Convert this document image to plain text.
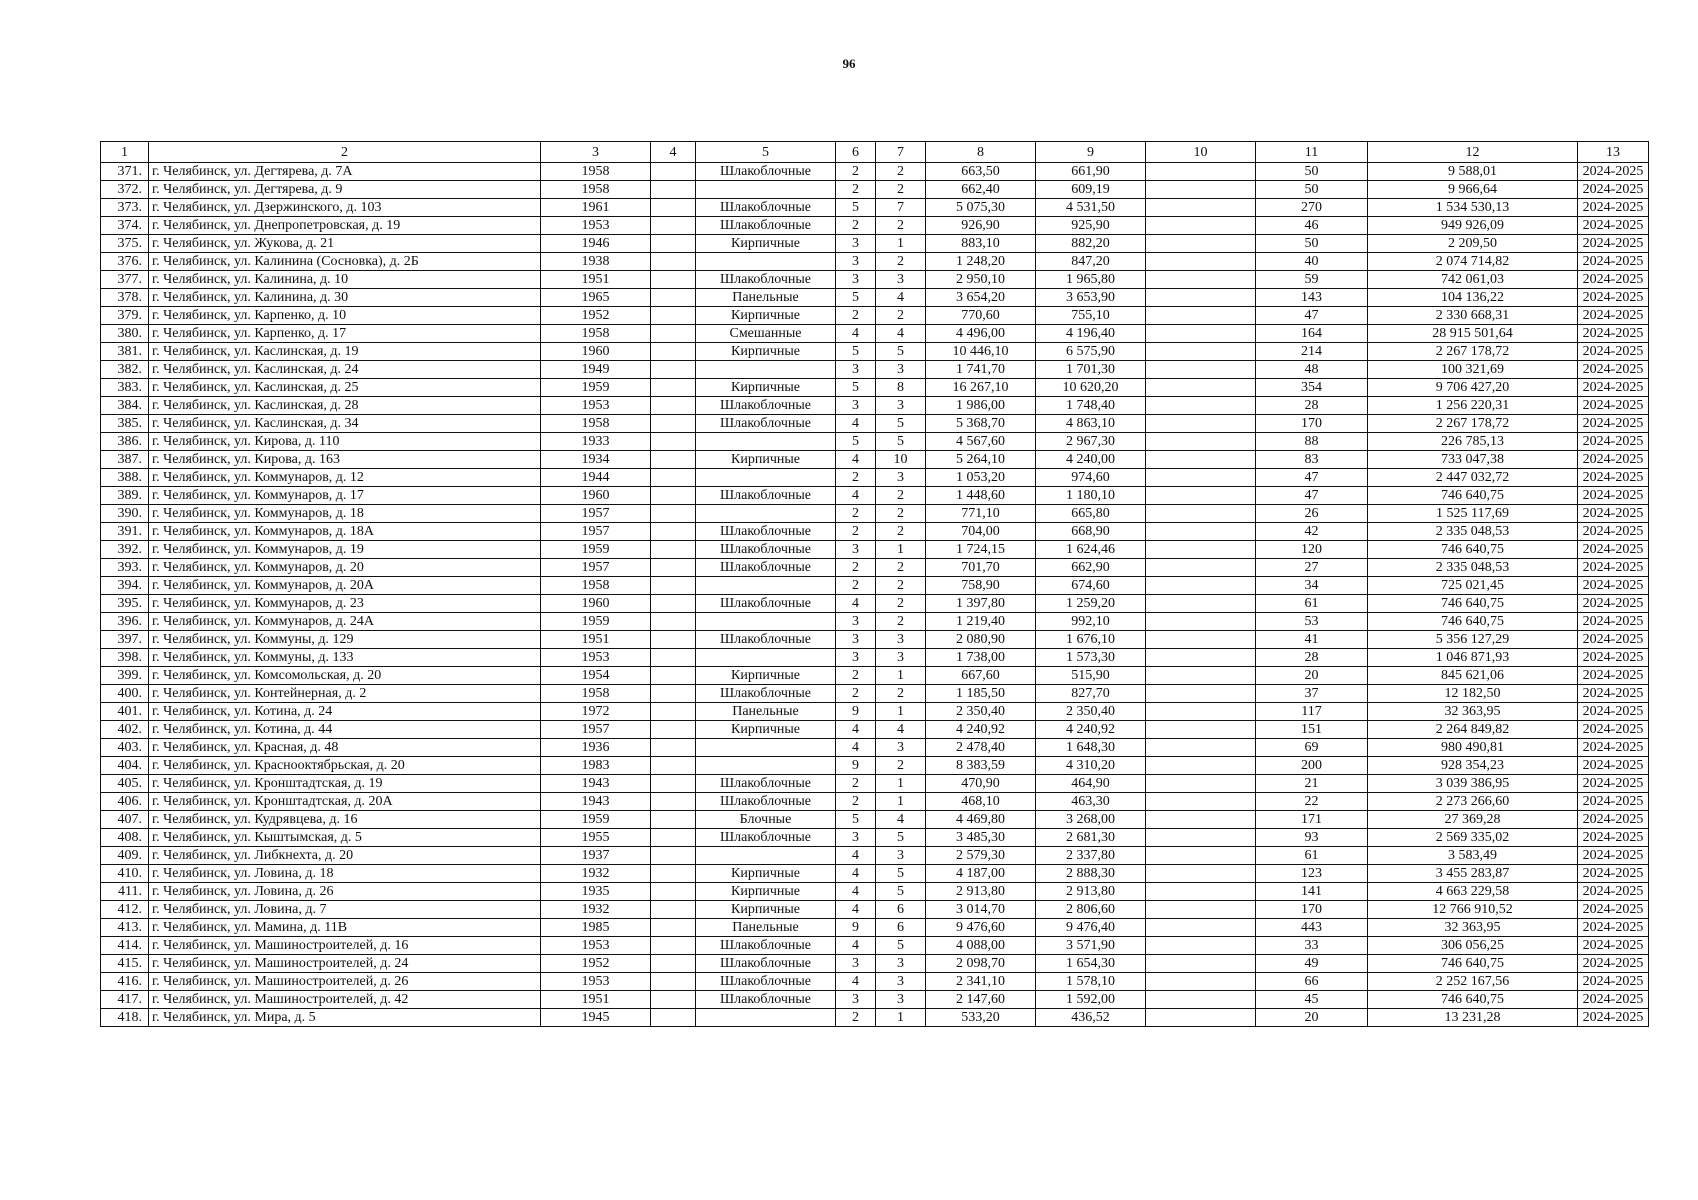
96
1	2	3	4	5	6	7	8	9	10	11	12	13
371.	г. Челябинск, ул. Дегтярева, д. 7А	1958		Шлакоблочные	2	2	663,50	661,90		50	9 588,01	2024-2025
372.	г. Челябинск, ул. Дегтярева, д. 9	1958			2	2	662,40	609,19		50	9 966,64	2024-2025
373.	г. Челябинск, ул. Дзержинского, д. 103	1961		Шлакоблочные	5	7	5 075,30	4 531,50		270	1 534 530,13	2024-2025
374.	г. Челябинск, ул. Днепропетровская, д. 19	1953		Шлакоблочные	2	2	926,90	925,90		46	949 926,09	2024-2025
375.	г. Челябинск, ул. Жукова, д. 21	1946		Кирпичные	3	1	883,10	882,20		50	2 209,50	2024-2025
376.	г. Челябинск, ул. Калинина (Сосновка), д. 2Б	1938			3	2	1 248,20	847,20		40	2 074 714,82	2024-2025
377.	г. Челябинск, ул. Калинина, д. 10	1951		Шлакоблочные	3	3	2 950,10	1 965,80		59	742 061,03	2024-2025
378.	г. Челябинск, ул. Калинина, д. 30	1965		Панельные	5	4	3 654,20	3 653,90		143	104 136,22	2024-2025
379.	г. Челябинск, ул. Карпенко, д. 10	1952		Кирпичные	2	2	770,60	755,10		47	2 330 668,31	2024-2025
380.	г. Челябинск, ул. Карпенко, д. 17	1958		Смешанные	4	4	4 496,00	4 196,40		164	28 915 501,64	2024-2025
381.	г. Челябинск, ул. Каслинская, д. 19	1960		Кирпичные	5	5	10 446,10	6 575,90		214	2 267 178,72	2024-2025
382.	г. Челябинск, ул. Каслинская, д. 24	1949			3	3	1 741,70	1 701,30		48	100 321,69	2024-2025
383.	г. Челябинск, ул. Каслинская, д. 25	1959		Кирпичные	5	8	16 267,10	10 620,20		354	9 706 427,20	2024-2025
384.	г. Челябинск, ул. Каслинская, д. 28	1953		Шлакоблочные	3	3	1 986,00	1 748,40		28	1 256 220,31	2024-2025
385.	г. Челябинск, ул. Каслинская, д. 34	1958		Шлакоблочные	4	5	5 368,70	4 863,10		170	2 267 178,72	2024-2025
386.	г. Челябинск, ул. Кирова, д. 110	1933			5	5	4 567,60	2 967,30		88	226 785,13	2024-2025
387.	г. Челябинск, ул. Кирова, д. 163	1934		Кирпичные	4	10	5 264,10	4 240,00		83	733 047,38	2024-2025
388.	г. Челябинск, ул. Коммунаров, д. 12	1944			2	3	1 053,20	974,60		47	2 447 032,72	2024-2025
389.	г. Челябинск, ул. Коммунаров, д. 17	1960		Шлакоблочные	4	2	1 448,60	1 180,10		47	746 640,75	2024-2025
390.	г. Челябинск, ул. Коммунаров, д. 18	1957			2	2	771,10	665,80		26	1 525 117,69	2024-2025
391.	г. Челябинск, ул. Коммунаров, д. 18А	1957		Шлакоблочные	2	2	704,00	668,90		42	2 335 048,53	2024-2025
392.	г. Челябинск, ул. Коммунаров, д. 19	1959		Шлакоблочные	3	1	1 724,15	1 624,46		120	746 640,75	2024-2025
393.	г. Челябинск, ул. Коммунаров, д. 20	1957		Шлакоблочные	2	2	701,70	662,90		27	2 335 048,53	2024-2025
394.	г. Челябинск, ул. Коммунаров, д. 20А	1958			2	2	758,90	674,60		34	725 021,45	2024-2025
395.	г. Челябинск, ул. Коммунаров, д. 23	1960		Шлакоблочные	4	2	1 397,80	1 259,20		61	746 640,75	2024-2025
396.	г. Челябинск, ул. Коммунаров, д. 24А	1959			3	2	1 219,40	992,10		53	746 640,75	2024-2025
397.	г. Челябинск, ул. Коммуны, д. 129	1951		Шлакоблочные	3	3	2 080,90	1 676,10		41	5 356 127,29	2024-2025
398.	г. Челябинск, ул. Коммуны, д. 133	1953			3	3	1 738,00	1 573,30		28	1 046 871,93	2024-2025
399.	г. Челябинск, ул. Комсомольская, д. 20	1954		Кирпичные	2	1	667,60	515,90		20	845 621,06	2024-2025
400.	г. Челябинск, ул. Контейнерная, д. 2	1958		Шлакоблочные	2	2	1 185,50	827,70		37	12 182,50	2024-2025
401.	г. Челябинск, ул. Котина, д. 24	1972		Панельные	9	1	2 350,40	2 350,40		117	32 363,95	2024-2025
402.	г. Челябинск, ул. Котина, д. 44	1957		Кирпичные	4	4	4 240,92	4 240,92		151	2 264 849,82	2024-2025
403.	г. Челябинск, ул. Красная, д. 48	1936			4	3	2 478,40	1 648,30		69	980 490,81	2024-2025
404.	г. Челябинск, ул. Краснооктябрьская, д. 20	1983			9	2	8 383,59	4 310,20		200	928 354,23	2024-2025
405.	г. Челябинск, ул. Кронштадтская, д. 19	1943		Шлакоблочные	2	1	470,90	464,90		21	3 039 386,95	2024-2025
406.	г. Челябинск, ул. Кронштадтская, д. 20А	1943		Шлакоблочные	2	1	468,10	463,30		22	2 273 266,60	2024-2025
407.	г. Челябинск, ул. Кудрявцева, д. 16	1959		Блочные	5	4	4 469,80	3 268,00		171	27 369,28	2024-2025
408.	г. Челябинск, ул. Кыштымская, д. 5	1955		Шлакоблочные	3	5	3 485,30	2 681,30		93	2 569 335,02	2024-2025
409.	г. Челябинск, ул. Либкнехта, д. 20	1937			4	3	2 579,30	2 337,80		61	3 583,49	2024-2025
410.	г. Челябинск, ул. Ловина, д. 18	1932		Кирпичные	4	5	4 187,00	2 888,30		123	3 455 283,87	2024-2025
411.	г. Челябинск, ул. Ловина, д. 26	1935		Кирпичные	4	5	2 913,80	2 913,80		141	4 663 229,58	2024-2025
412.	г. Челябинск, ул. Ловина, д. 7	1932		Кирпичные	4	6	3 014,70	2 806,60		170	12 766 910,52	2024-2025
413.	г. Челябинск, ул. Мамина, д. 11В	1985		Панельные	9	6	9 476,60	9 476,40		443	32 363,95	2024-2025
414.	г. Челябинск, ул. Машиностроителей, д. 16	1953		Шлакоблочные	4	5	4 088,00	3 571,90		33	306 056,25	2024-2025
415.	г. Челябинск, ул. Машиностроителей, д. 24	1952		Шлакоблочные	3	3	2 098,70	1 654,30		49	746 640,75	2024-2025
416.	г. Челябинск, ул. Машиностроителей, д. 26	1953		Шлакоблочные	4	3	2 341,10	1 578,10		66	2 252 167,56	2024-2025
417.	г. Челябинск, ул. Машиностроителей, д. 42	1951		Шлакоблочные	3	3	2 147,60	1 592,00		45	746 640,75	2024-2025
418.	г. Челябинск, ул. Мира, д. 5	1945			2	1	533,20	436,52		20	13 231,28	2024-2025
